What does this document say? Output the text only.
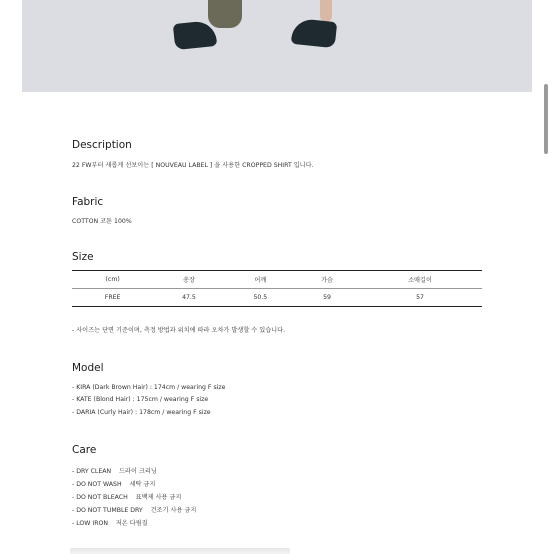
Description
22 FW부터 새롭게 선보이는 [ NOUVEAU LABEL ] 을 사용한 CROPPED SHIRT 입니다.
Fabric
COTTON 코튼 100%
Size
(cm)	총장	어깨	가슴	소매길이
FREE	47.5	50.5	59	57
- 사이즈는 단면 기준이며, 측정 방법과 위치에 따라 오차가 발생할 수 있습니다.
Model
- KIRA (Dark Brown Hair) : 174cm / wearing F size
- KATE (Blond Hair) : 175cm / wearing F size
- DARIA (Curly Hair) : 178cm / wearing F size
Care
- DRY CLEAN    드라이 크리닝
- DO NOT WASH    세탁 금지
- DO NOT BLEACH    표백제 사용 금지
- DO NOT TUMBLE DRY    건조기 사용 금지
- LOW IRON    저온 다림질
